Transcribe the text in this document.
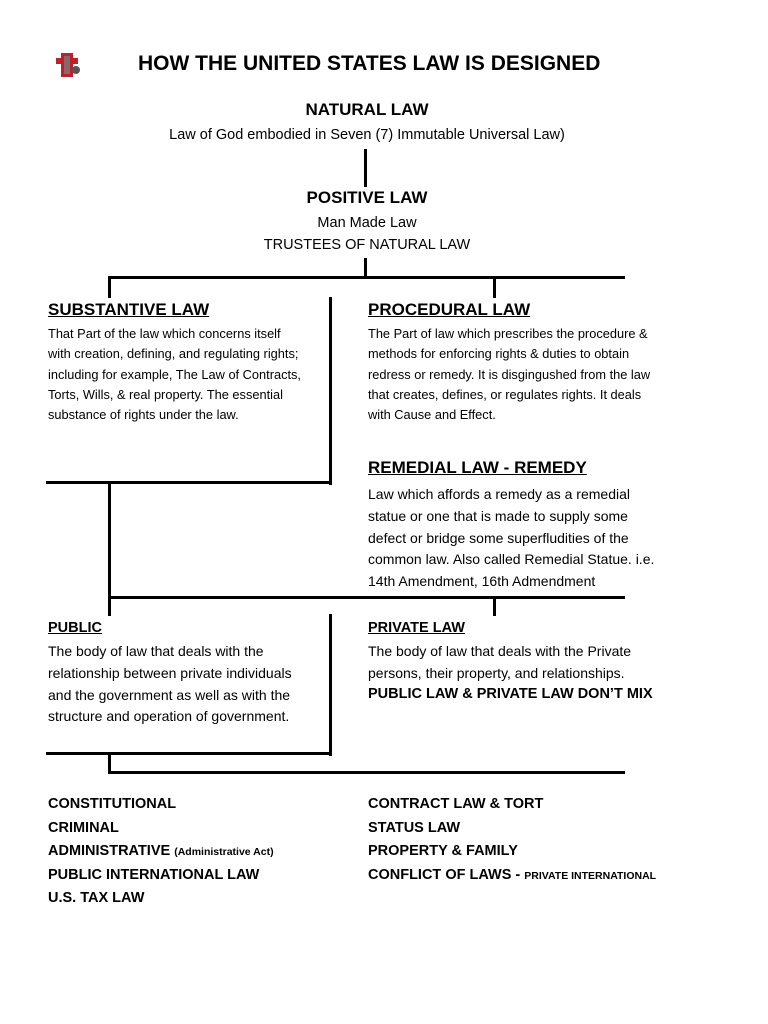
HOW THE UNITED STATES LAW IS DESIGNED
NATURAL LAW
Law of God embodied in Seven (7) Immutable Universal Law)
POSITIVE LAW
Man Made Law
TRUSTEES OF NATURAL LAW
SUBSTANTIVE LAW
That Part of the law which concerns itself
with creation, defining, and regulating rights;
including for example, The Law of Contracts,
Torts, Wills, & real property. The essential
substance of rights under the law.
PROCEDURAL LAW
The Part of law which prescribes the procedure &
methods for enforcing rights & duties to obtain
redress or remedy. It is disgingushed from the law
that creates, defines, or regulates rights. It deals
with Cause and Effect.
REMEDIAL LAW - REMEDY
Law which affords a remedy as a remedial
statue or one that is made to supply some
defect or bridge some superfludities of the
common law. Also called Remedial Statue. i.e.
14th Amendment, 16th Admendment
PUBLIC
The body of law that deals with the
relationship between private individuals
and the government as well as with the
structure and operation of government.
PRIVATE LAW
The body of law that deals with the Private
persons, their property, and relationships.
PUBLIC LAW & PRIVATE LAW DON’T MIX
CONSTITUTIONAL
CRIMINAL
ADMINISTRATIVE (Administrative Act)
PUBLIC INTERNATIONAL LAW
U.S. TAX LAW
CONTRACT LAW & TORT
STATUS LAW
PROPERTY & FAMILY
CONFLICT OF LAWS - PRIVATE INTERNATIONAL
